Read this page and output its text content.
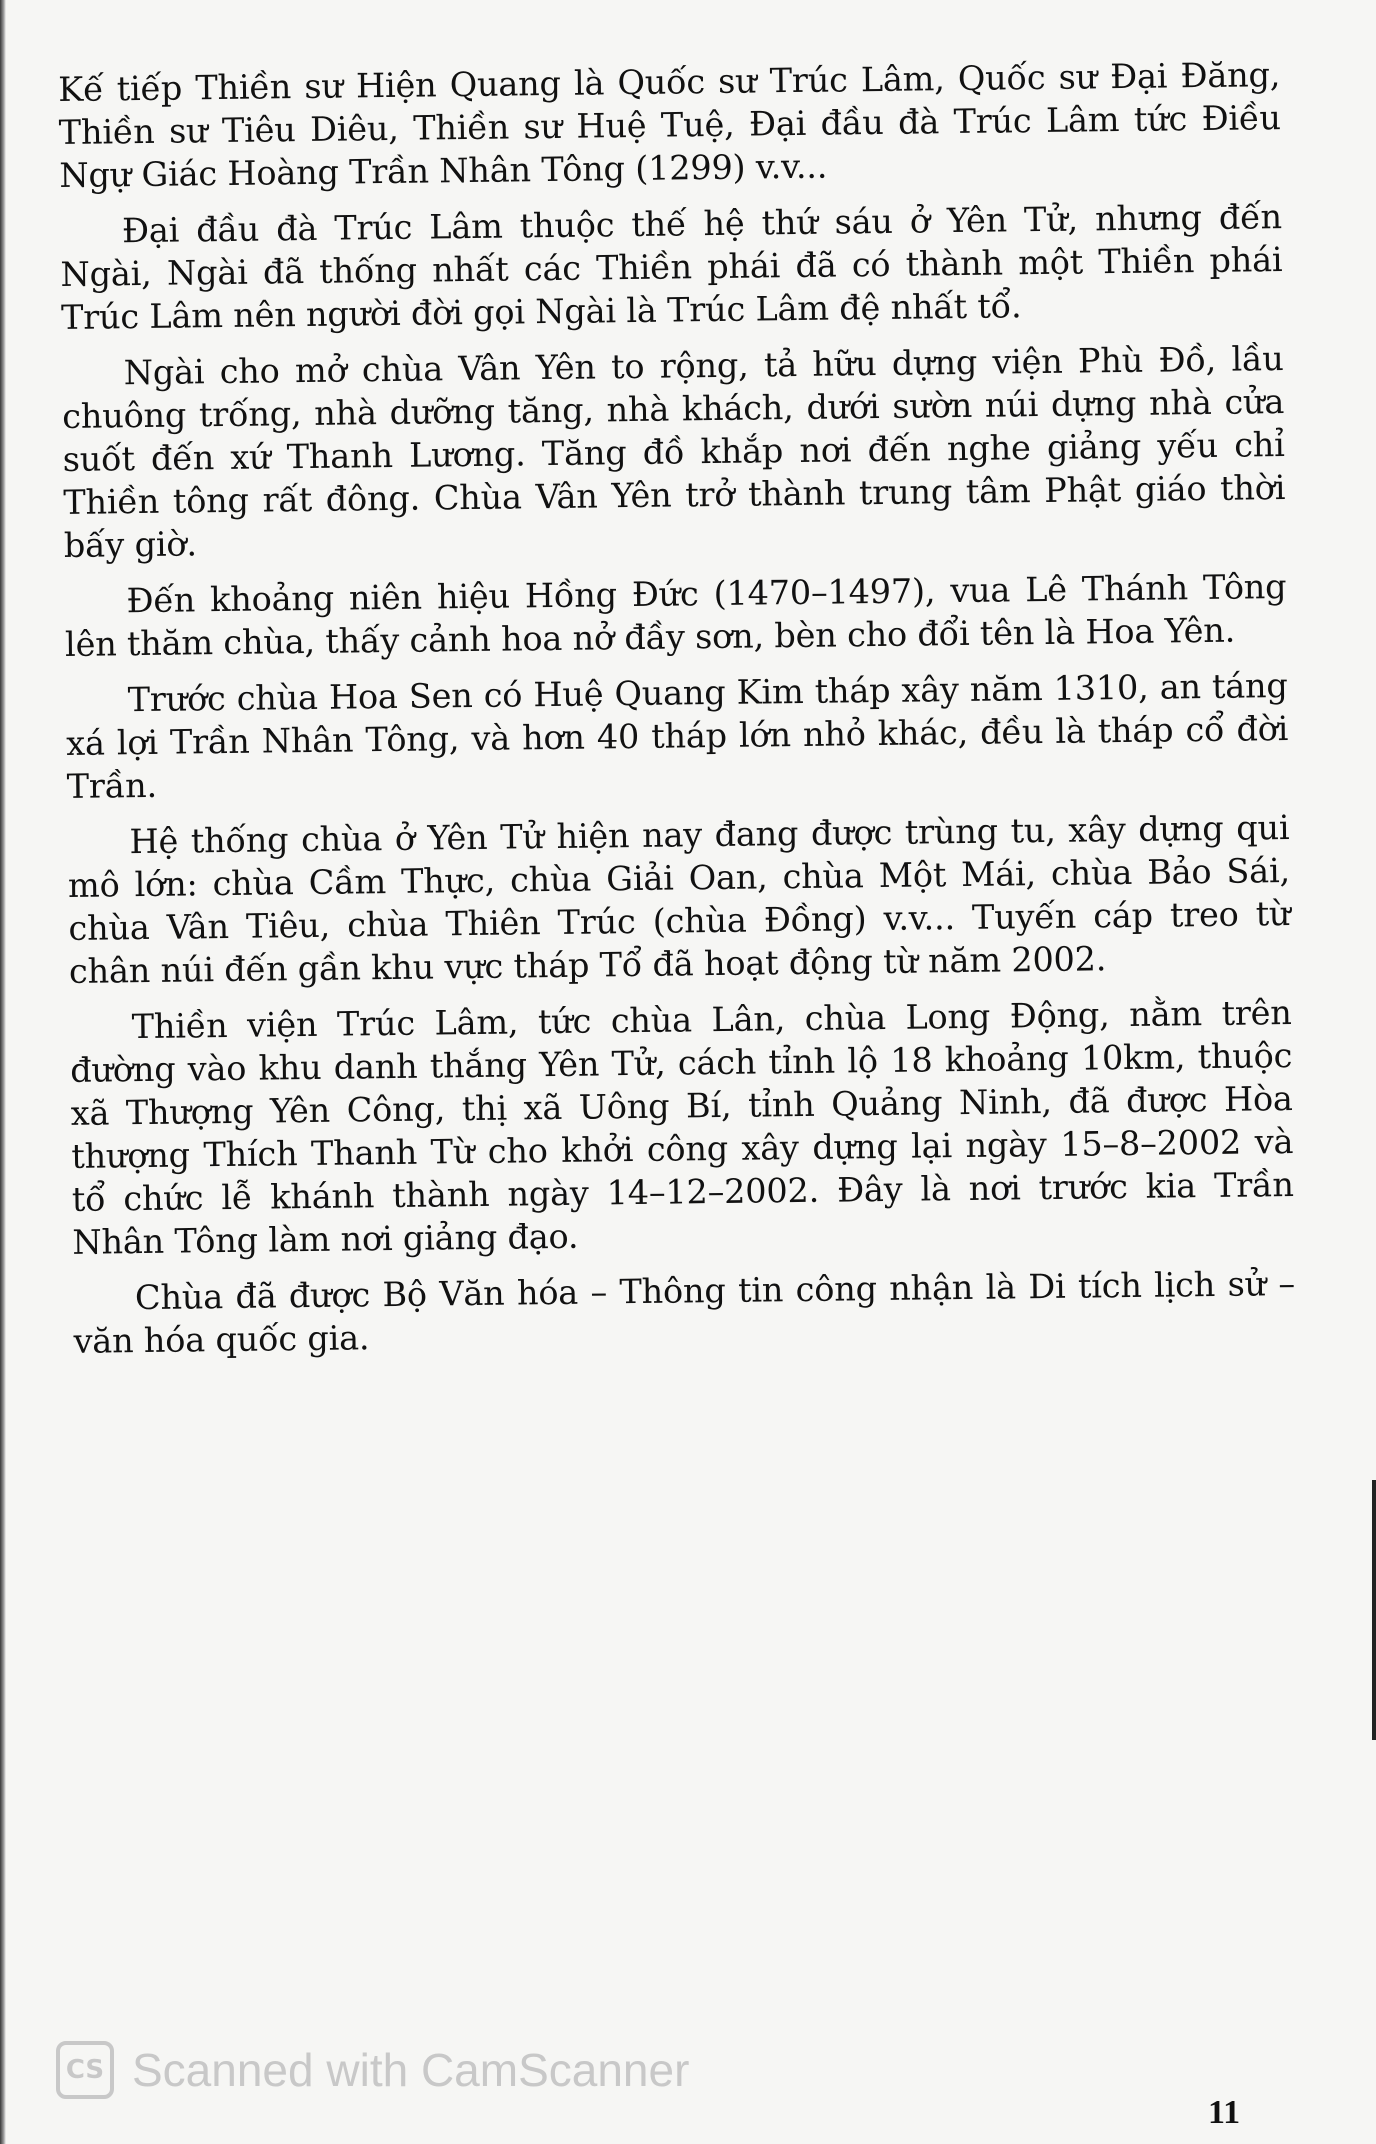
Kế tiếp Thiền sư Hiện Quang là Quốc sư Trúc Lâm, Quốc sư Đại Đăng, Thiền sư Tiêu Diêu, Thiền sư Huệ Tuệ, Đại đầu đà Trúc Lâm tức Điều Ngự Giác Hoàng Trần Nhân Tông (1299) v.v...

Đại đầu đà Trúc Lâm thuộc thế hệ thứ sáu ở Yên Tử, nhưng đến Ngài, Ngài đã thống nhất các Thiền phái đã có thành một Thiền phái Trúc Lâm nên người đời gọi Ngài là Trúc Lâm đệ nhất tổ.

Ngài cho mở chùa Vân Yên to rộng, tả hữu dựng viện Phù Đồ, lầu chuông trống, nhà dưỡng tăng, nhà khách, dưới sườn núi dựng nhà cửa suốt đến xứ Thanh Lương. Tăng đồ khắp nơi đến nghe giảng yếu chỉ Thiền tông rất đông. Chùa Vân Yên trở thành trung tâm Phật giáo thời bấy giờ.

Đến khoảng niên hiệu Hồng Đức (1470–1497), vua Lê Thánh Tông lên thăm chùa, thấy cảnh hoa nở đầy sơn, bèn cho đổi tên là Hoa Yên.

Trước chùa Hoa Sen có Huệ Quang Kim tháp xây năm 1310, an táng xá lợi Trần Nhân Tông, và hơn 40 tháp lớn nhỏ khác, đều là tháp cổ đời Trần.

Hệ thống chùa ở Yên Tử hiện nay đang được trùng tu, xây dựng qui mô lớn: chùa Cầm Thực, chùa Giải Oan, chùa Một Mái, chùa Bảo Sái, chùa Vân Tiêu, chùa Thiên Trúc (chùa Đồng) v.v... Tuyến cáp treo từ chân núi đến gần khu vực tháp Tổ đã hoạt động từ năm 2002.

Thiền viện Trúc Lâm, tức chùa Lân, chùa Long Động, nằm trên đường vào khu danh thắng Yên Tử, cách tỉnh lộ 18 khoảng 10km, thuộc xã Thượng Yên Công, thị xã Uông Bí, tỉnh Quảng Ninh, đã được Hòa thượng Thích Thanh Từ cho khởi công xây dựng lại ngày 15–8–2002 và tổ chức lễ khánh thành ngày 14–12–2002. Đây là nơi trước kia Trần Nhân Tông làm nơi giảng đạo.

Chùa đã được Bộ Văn hóa – Thông tin công nhận là Di tích lịch sử – văn hóa quốc gia.

CS Scanned with CamScanner
11
